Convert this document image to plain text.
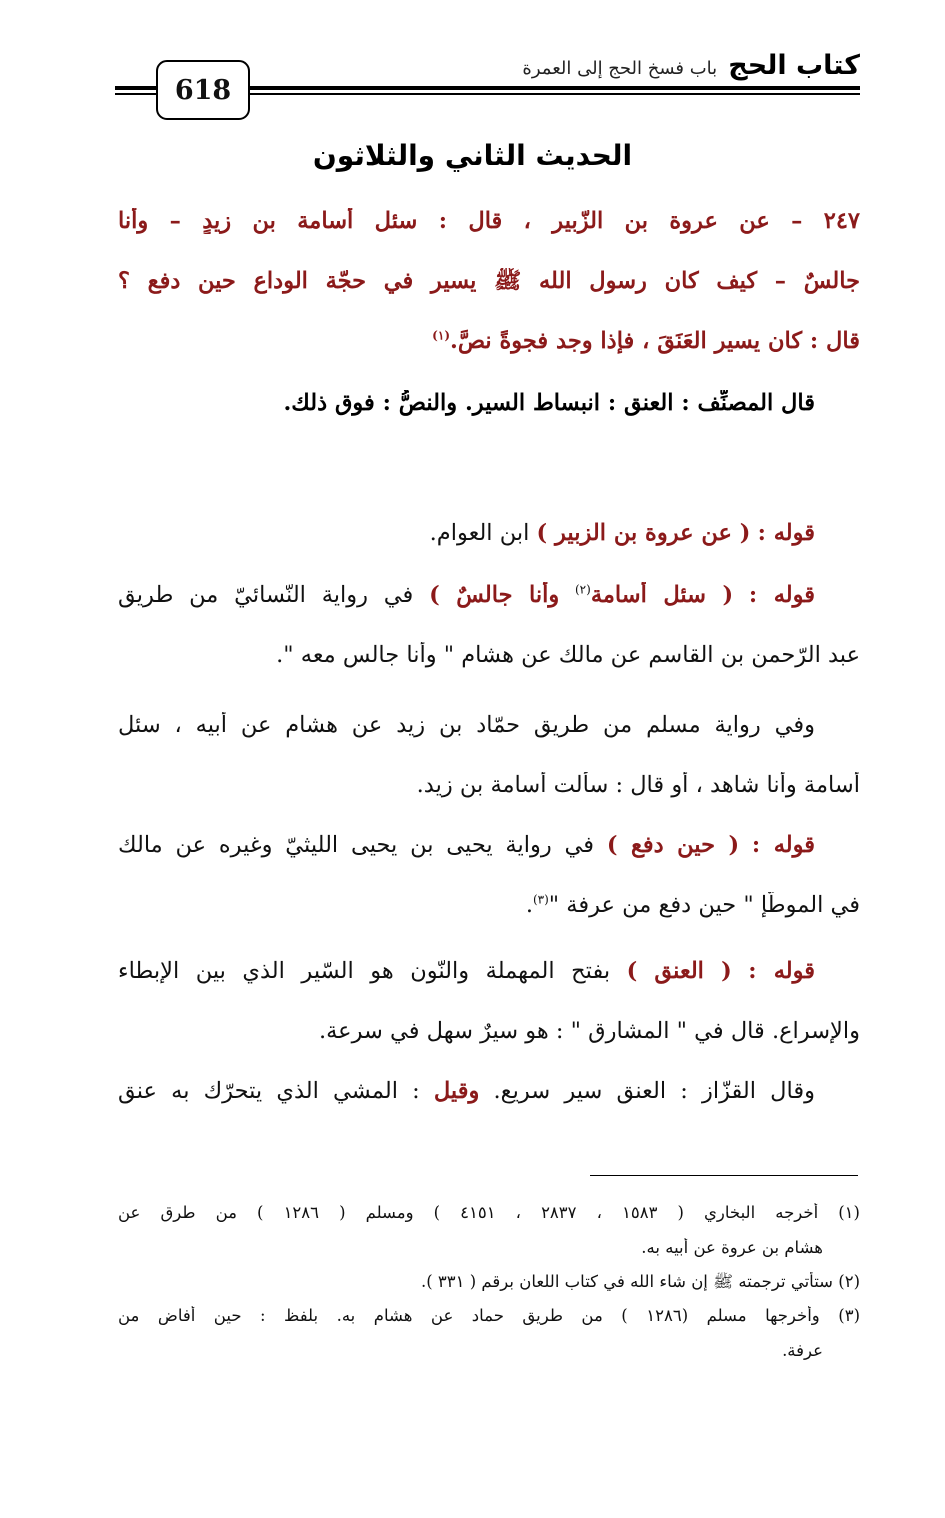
كتاب الحج باب فسخ الحج إلى العمرة
618
الحديث الثاني والثلاثون
٢٤٧ – عن عروة بن الزّبير ، قال : سئل أسامة بن زيدٍ – وأنا
جالسٌ – كيف كان رسول الله ﷺ يسير في حجّة الوداع حين دفع ؟
قال : كان يسير العَنَقَ ، فإذا وجد فجوةً نصَّ.$^{(١)}$
قال المصنِّف : العنق : انبساط السير. والنصُّ : فوق ذلك.
قوله : ( عن عروة بن الزبير ) ابن العوام.
قوله : ( سئل أسامة$^{(٢)}$ وأنا جالسٌ ) في رواية النّسائيّ من طريق
عبد الرّحمن بن القاسم عن مالك عن هشام " وأنا جالس معه ".
وفي رواية مسلم من طريق حمّاد بن زيد عن هشام عن أبيه ، سئل
أسامة وأنا شاهد ، أو قال : سألت أسامة بن زيد.
قوله : ( حين دفع ) في رواية يحيى بن يحيى الليثيّ وغيره عن مالك
في الموطّإ " حين دفع من عرفة "$^{(٣)}$.
قوله : ( العنق ) بفتح المهملة والنّون هو السّير الذي بين الإبطاء
والإسراع. قال في " المشارق " : هو سيرٌ سهل في سرعة.
وقال القزّاز : العنق سير سريع. وقيل : المشي الذي يتحرّك به عنق
(١) أخرجه البخاري ( ١٥٨٣ ، ٢٨٣٧ ، ٤١٥١ ) ومسلم ( ١٢٨٦ ) من طرق عن
هشام بن عروة عن أبيه به.
(٢) ستأتي ترجمته ﷺ إن شاء الله في كتاب اللعان برقم ( ٣٣١ ).
(٣) وأخرجها مسلم (١٢٨٦ ) من طريق حماد عن هشام به. بلفظ : حين أفاض من
عرفة.
